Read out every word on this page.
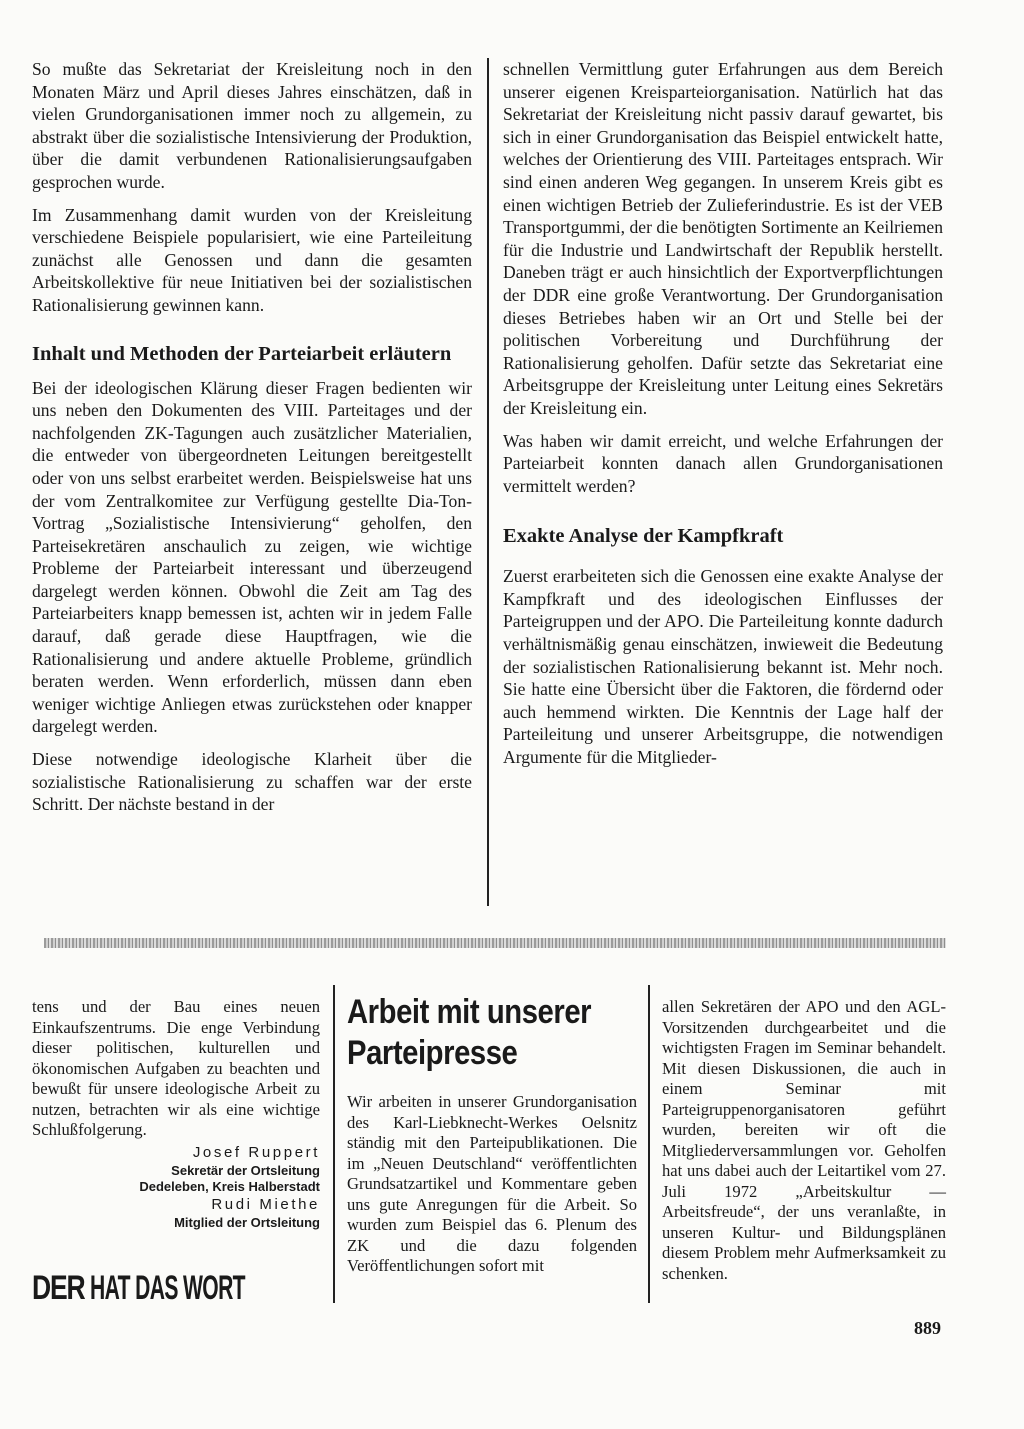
So mußte das Sekretariat der Kreisleitung noch in den Monaten März und April dieses Jahres einschätzen, daß in vielen Grundorganisationen immer noch zu allgemein, zu abstrakt über die sozialistische Intensivierung der Produktion, über die damit verbundenen Rationalisierungsaufgaben gesprochen wurde.

Im Zusammenhang damit wurden von der Kreisleitung verschiedene Beispiele popularisiert, wie eine Parteileitung zunächst alle Genossen und dann die gesamten Arbeitskollektive für neue Initiativen bei der sozialistischen Rationalisierung gewinnen kann.

Inhalt und Methoden der Parteiarbeit erläutern

Bei der ideologischen Klärung dieser Fragen bedienten wir uns neben den Dokumenten des VIII. Parteitages und der nachfolgenden ZK-Tagungen auch zusätzlicher Materialien, die entweder von übergeordneten Leitungen bereitgestellt oder von uns selbst erarbeitet werden. Beispielsweise hat uns der vom Zentralkomitee zur Verfügung gestellte Dia-Ton-Vortrag „Sozialistische Intensivierung“ geholfen, den Parteisekretären anschaulich zu zeigen, wie wichtige Probleme der Parteiarbeit interessant und überzeugend dargelegt werden können. Obwohl die Zeit am Tag des Parteiarbeiters knapp bemessen ist, achten wir in jedem Falle darauf, daß gerade diese Hauptfragen, wie die Rationalisierung und andere aktuelle Probleme, gründlich beraten werden. Wenn erforderlich, müssen dann eben weniger wichtige Anliegen etwas zurückstehen oder knapper dargelegt werden.

Diese notwendige ideologische Klarheit über die sozialistische Rationalisierung zu schaffen war der erste Schritt. Der nächste bestand in der

schnellen Vermittlung guter Erfahrungen aus dem Bereich unserer eigenen Kreisparteiorganisation. Natürlich hat das Sekretariat der Kreisleitung nicht passiv darauf gewartet, bis sich in einer Grundorganisation das Beispiel entwickelt hatte, welches der Orientierung des VIII. Parteitages entsprach. Wir sind einen anderen Weg gegangen. In unserem Kreis gibt es einen wichtigen Betrieb der Zulieferindustrie. Es ist der VEB Transportgummi, der die benötigten Sortimente an Keilriemen für die Industrie und Landwirtschaft der Republik herstellt. Daneben trägt er auch hinsichtlich der Exportverpflichtungen der DDR eine große Verantwortung. Der Grundorganisation dieses Betriebes haben wir an Ort und Stelle bei der politischen Vorbereitung und Durchführung der Rationalisierung geholfen. Dafür setzte das Sekretariat eine Arbeitsgruppe der Kreisleitung unter Leitung eines Sekretärs der Kreisleitung ein.

Was haben wir damit erreicht, und welche Erfahrungen der Parteiarbeit konnten danach allen Grundorganisationen vermittelt werden?

Exakte Analyse der Kampfkraft

Zuerst erarbeiteten sich die Genossen eine exakte Analyse der Kampfkraft und des ideologischen Einflusses der Parteigruppen und der APO. Die Parteileitung konnte dadurch verhältnismäßig genau einschätzen, inwieweit die Bedeutung der sozialistischen Rationalisierung bekannt ist. Mehr noch. Sie hatte eine Übersicht über die Faktoren, die fördernd oder auch hemmend wirkten. Die Kenntnis der Lage half der Parteileitung und unserer Arbeitsgruppe, die notwendigen Argumente für die Mitglieder-

tens und der Bau eines neuen Einkaufszentrums. Die enge Verbindung dieser politischen, kulturellen und ökonomischen Aufgaben zu beachten und bewußt für unsere ideologische Arbeit zu nutzen, betrachten wir als eine wichtige Schlußfolgerung.

Josef Ruppert
Sekretär der Ortsleitung
Dedeleben, Kreis Halberstadt
Rudi Miethe
Mitglied der Ortsleitung
DER HAT DAS WORT
Arbeit mit unserer
Parteipresse

Wir arbeiten in unserer Grundorganisation des Karl-Liebknecht-Werkes Oelsnitz ständig mit den Parteipublikationen. Die im „Neuen Deutschland“ veröffentlichten Grundsatzartikel und Kommentare geben uns gute Anregungen für die Arbeit. So wurden zum Beispiel das 6. Plenum des ZK und die dazu folgenden Veröffentlichungen sofort mit

allen Sekretären der APO und den AGL-Vorsitzenden durchgearbeitet und die wichtigsten Fragen im Seminar behandelt. Mit diesen Diskussionen, die auch in einem Seminar mit Parteigruppenorganisatoren geführt wurden, bereiten wir oft die Mitgliederversammlungen vor. Geholfen hat uns dabei auch der Leitartikel vom 27. Juli 1972 „Arbeitskultur — Arbeitsfreude“, der uns veranlaßte, in unseren Kultur- und Bildungsplänen diesem Problem mehr Aufmerksamkeit zu schenken.

889
